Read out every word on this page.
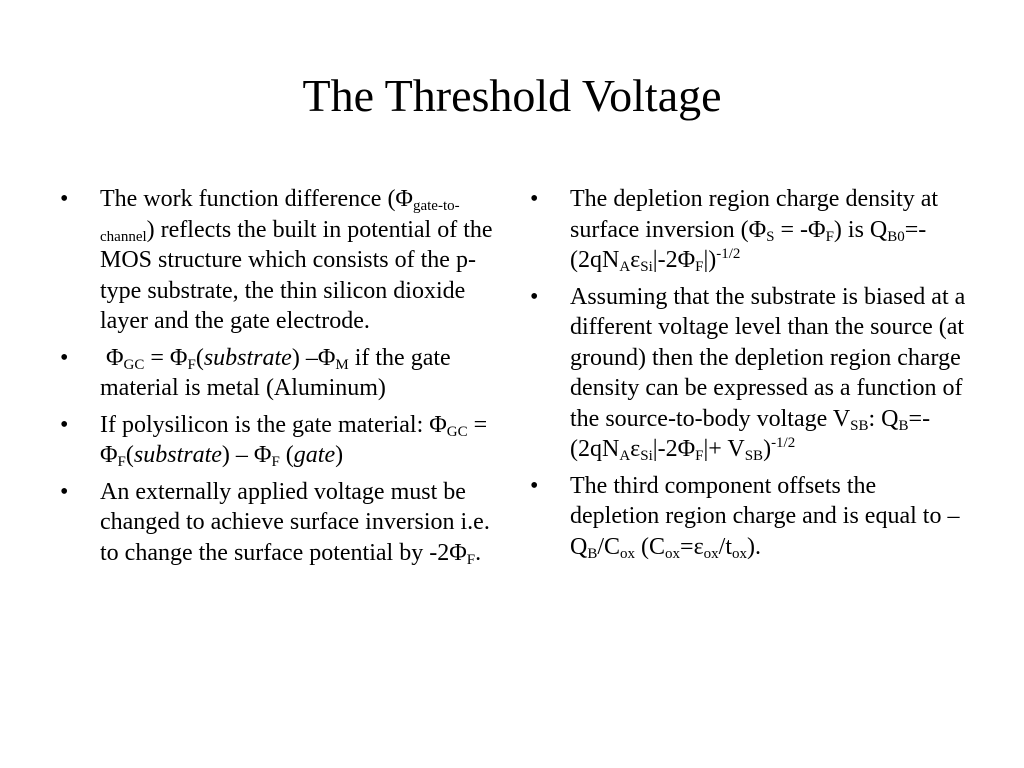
The Threshold Voltage
• The work function difference $(\Phi_{gate-to-channel})$ reflects the built in potential of the MOS structure which consists of the p-type substrate, the thin silicon dioxide layer and the gate electrode.
• $\Phi_{GC}$ = $\Phi_F(substrate)$ $-\Phi_M$ if the gate material is metal (Aluminum)
• If polysilicon is the gate material: $\Phi_{GC}$ = $\Phi_F(substrate) - \Phi_F$ (gate)
• An externally applied voltage must be changed to achieve surface inversion i.e. to change the surface potential by $-2\Phi_F$.
• The depletion region charge density at surface inversion $(\Phi_S = -\Phi_F)$ is $Q_{B0}=-(2qN_A\varepsilon_{Si}|-2\Phi_F|)^{-1/2}$
• Assuming that the substrate is biased at a different voltage level than the source (at ground) then the depletion region charge density can be expressed as a function of the source-to-body voltage $V_{SB}$: $Q_B=-(2qN_A\varepsilon_{Si}|-2\Phi_F|+ V_{SB})^{-1/2}$
• The third component offsets the depletion region charge and is equal to $-Q_B/C_{ox}$ $(C_{ox}=\varepsilon_{ox}/t_{ox})$.
